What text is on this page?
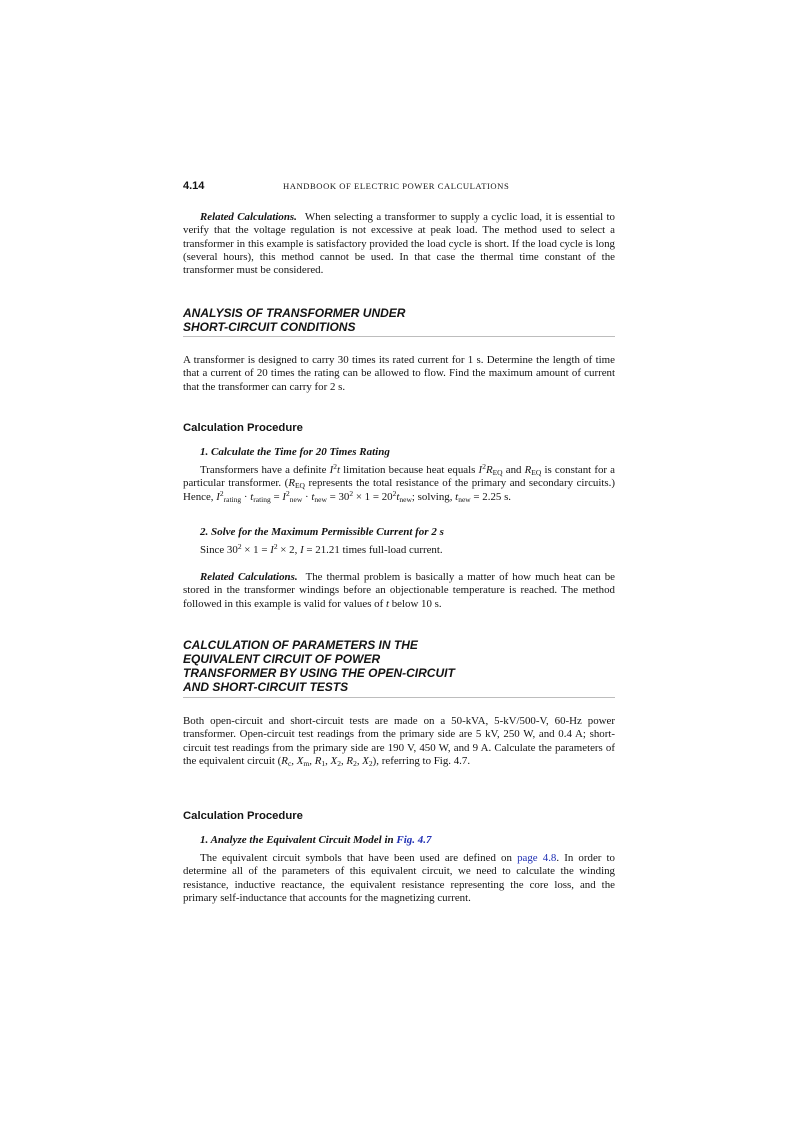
4.14	HANDBOOK OF ELECTRIC POWER CALCULATIONS

Related Calculations. When selecting a transformer to supply a cyclic load, it is essential to verify that the voltage regulation is not excessive at peak load. The method used to select a transformer in this example is satisfactory provided the load cycle is short. If the load cycle is long (several hours), this method cannot be used. In that case the thermal time constant of the transformer must be considered.

ANALYSIS OF TRANSFORMER UNDER
SHORT-CIRCUIT CONDITIONS

A transformer is designed to carry 30 times its rated current for 1 s. Determine the length of time that a current of 20 times the rating can be allowed to flow. Find the maximum amount of current that the transformer can carry for 2 s.

Calculation Procedure
1. Calculate the Time for 20 Times Rating

Transformers have a definite $I^2t$ limitation because heat equals $I^2R_{EQ}$ and $R_{EQ}$ is constant for a particular transformer. ($R_{EQ}$ represents the total resistance of the primary and secondary circuits.) Hence, $I^2_{rating} \cdot t_{rating} = I^2_{new} \cdot t_{new} = 30^2 \times 1 = 20^2t_{new}$; solving, $t_{new} = 2.25$ s.

2. Solve for the Maximum Permissible Current for 2 s

Since $30^2 \times 1 = I^2 \times 2$, I = 21.21 times full-load current.

Related Calculations. The thermal problem is basically a matter of how much heat can be stored in the transformer windings before an objectionable temperature is reached. The method followed in this example is valid for values of t below 10 s.

CALCULATION OF PARAMETERS IN THE
EQUIVALENT CIRCUIT OF POWER
TRANSFORMER BY USING THE OPEN-CIRCUIT
AND SHORT-CIRCUIT TESTS

Both open-circuit and short-circuit tests are made on a 50-kVA, 5-kV/500-V, 60-Hz power transformer. Open-circuit test readings from the primary side are 5 kV, 250 W, and 0.4 A; short-circuit test readings from the primary side are 190 V, 450 W, and 9 A. Calculate the parameters of the equivalent circuit ($R_c$, $X_m$, $R_1$, $X_2$, $R_2$, $X_2$), referring to Fig. 4.7.

Calculation Procedure
1. Analyze the Equivalent Circuit Model in Fig. 4.7

The equivalent circuit symbols that have been used are defined on page 4.8. In order to determine all of the parameters of this equivalent circuit, we need to calculate the winding resistance, inductive reactance, the equivalent resistance representing the core loss, and the primary self-inductance that accounts for the magnetizing current.
